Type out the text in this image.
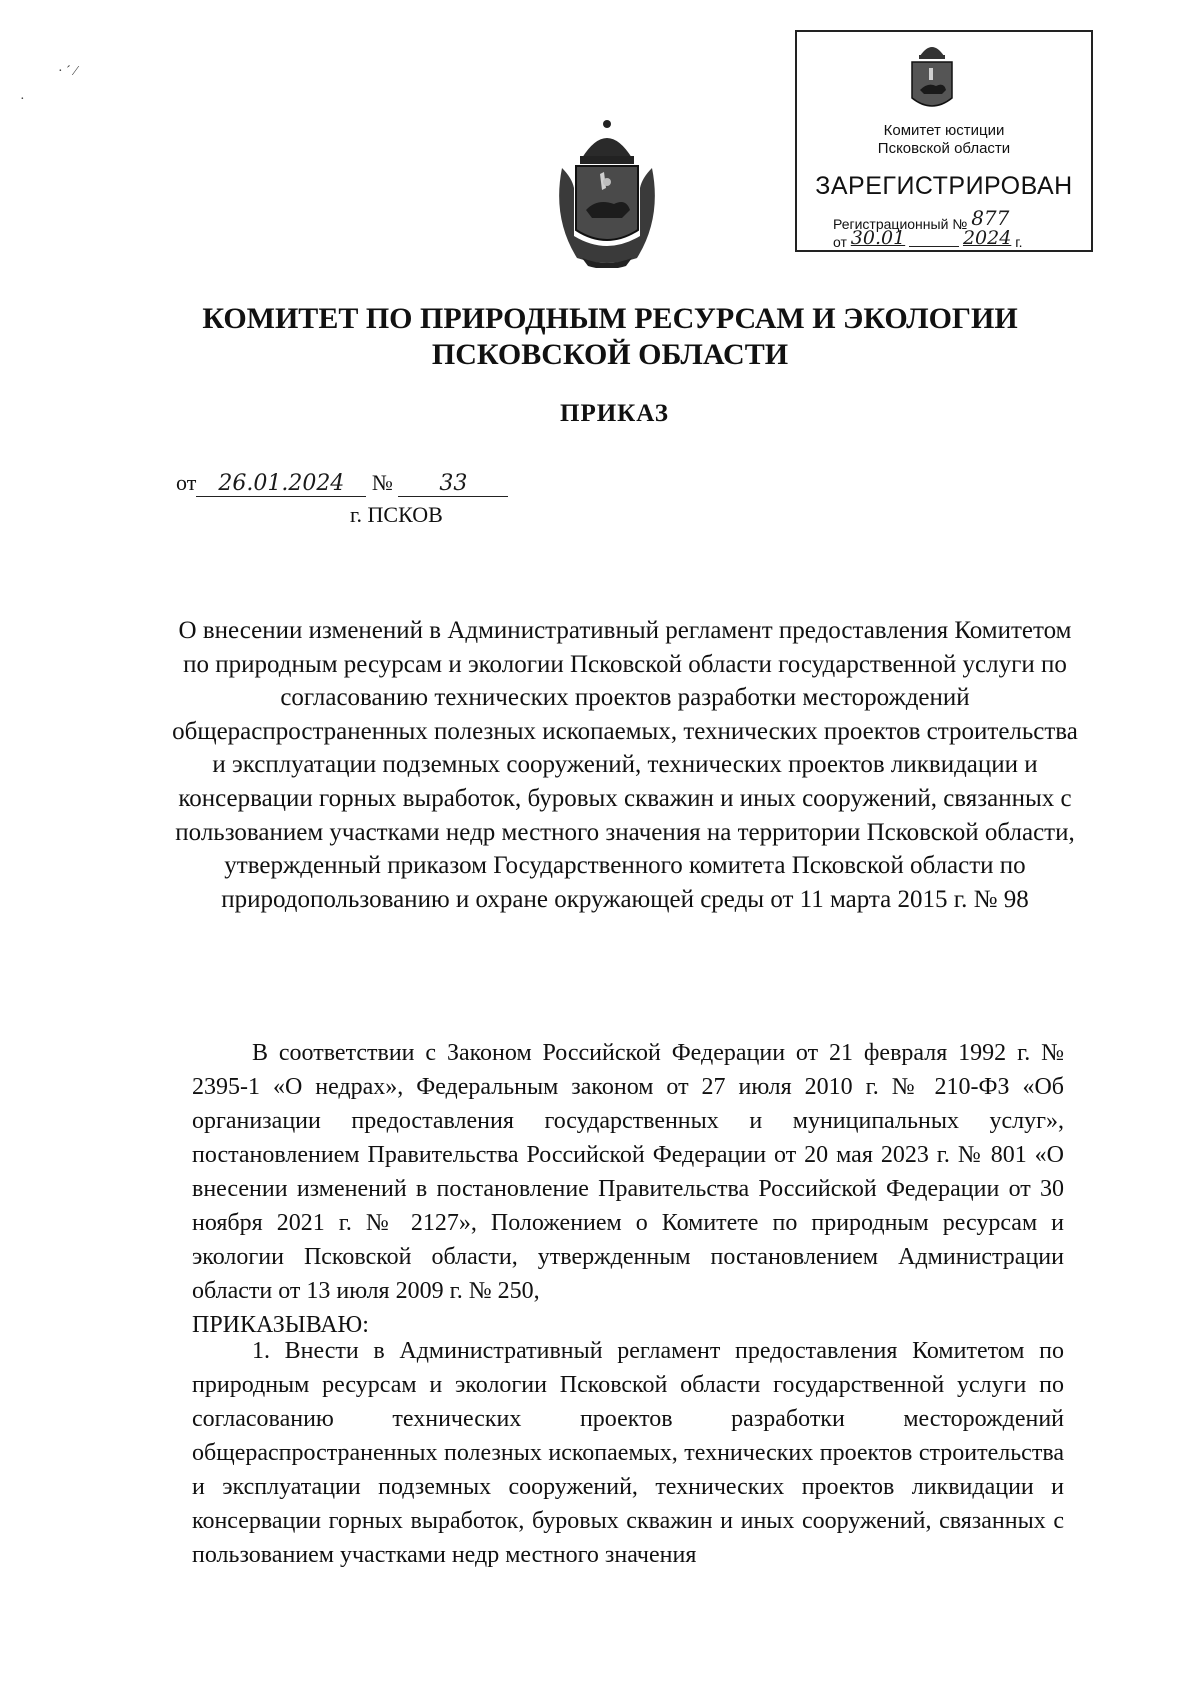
· ˊ ⁄
·
Комитет юстиции
Псковской области
ЗАРЕГИСТРИРОВАН
Регистрационный № 877
от 30.01	2024 г.
КОМИТЕТ ПО ПРИРОДНЫМ РЕСУРСАМ И ЭКОЛОГИИ
ПСКОВСКОЙ ОБЛАСТИ
ПРИКАЗ
от 26.01.2024 № 33
г. ПСКОВ
О внесении изменений в Административный регламент предоставления Комитетом по природным ресурсам и экологии Псковской области государственной услуги по согласованию технических проектов разработки месторождений общераспространенных полезных ископаемых, технических проектов строительства и эксплуатации подземных сооружений, технических проектов ликвидации и консервации горных выработок, буровых скважин и иных сооружений, связанных с пользованием участками недр местного значения на территории Псковской области, утвержденный приказом Государственного комитета Псковской области по природопользованию и охране окружающей среды от 11 марта 2015 г. № 98
В соответствии с Законом Российской Федерации от 21 февраля 1992 г. № 2395-1 «О недрах», Федеральным законом от 27 июля 2010 г. № 210-ФЗ «Об организации предоставления государственных и муниципальных услуг», постановлением Правительства Российской Федерации от 20 мая 2023 г. № 801 «О внесении изменений в постановление Правительства Российской Федерации от 30 ноября 2021 г. № 2127», Положением о Комитете по природным ресурсам и экологии Псковской области, утвержденным постановлением Администрации области от 13 июля 2009 г. № 250,
ПРИКАЗЫВАЮ:
1. Внести в Административный регламент предоставления Комитетом по природным ресурсам и экологии Псковской области государственной услуги по согласованию технических проектов разработки месторождений общераспространенных полезных ископаемых, технических проектов строительства и эксплуатации подземных сооружений, технических проектов ликвидации и консервации горных выработок, буровых скважин и иных сооружений, связанных с пользованием участками недр местного значения
